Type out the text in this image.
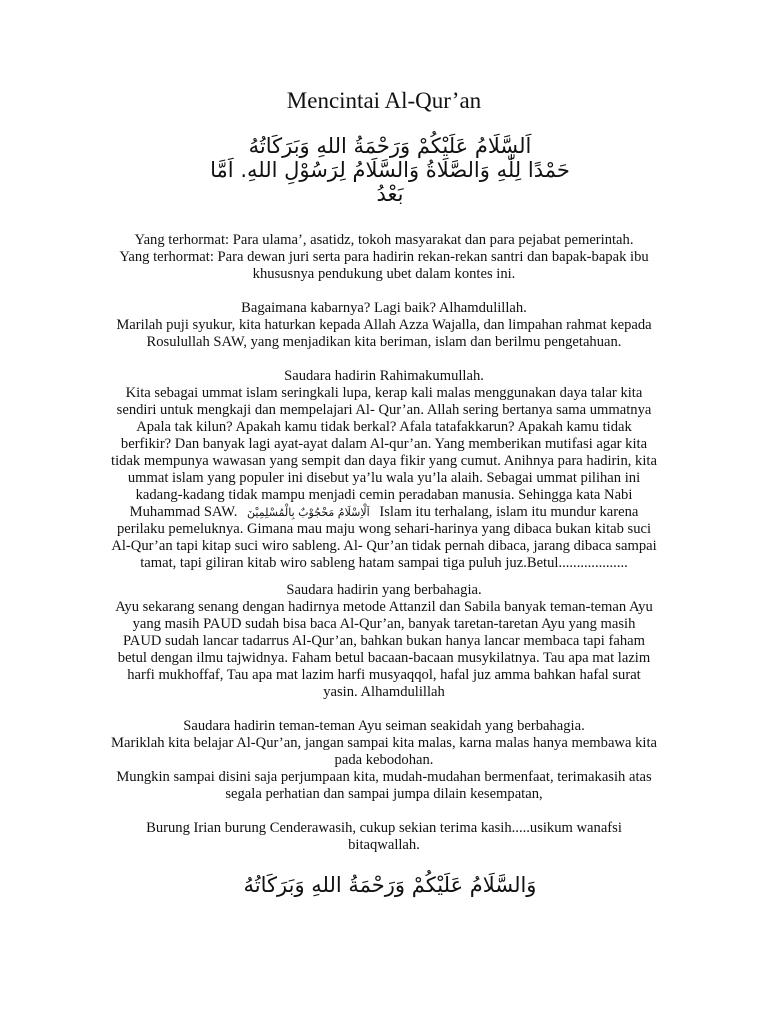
Mencintai Al-Qur’an
اَلسَّلَامُ عَلَيْكُمْ وَرَحْمَةُ اللهِ وَبَرَكَاتُهُ
حَمْدًا لِلّٰهِ وَالصَّلَاةُ وَالسَّلَامُ لِرَسُوْلِ اللهِ. اَمَّا
بَعْدُ
Yang terhormat: Para ulama’, asatidz, tokoh masyarakat dan para pejabat pemerintah.
Yang terhormat: Para dewan juri serta para hadirin rekan-rekan santri dan bapak-bapak ibu
khususnya pendukung ubet dalam kontes ini.
Bagaimana kabarnya? Lagi baik? Alhamdulillah.
Marilah puji syukur, kita haturkan kepada Allah Azza Wajalla, dan limpahan rahmat kepada
Rosulullah SAW, yang menjadikan kita beriman, islam dan berilmu pengetahuan.
Saudara hadirin Rahimakumullah.
Kita sebagai ummat islam seringkali lupa, kerap kali malas menggunakan daya talar kita
sendiri untuk mengkaji dan mempelajari Al- Qur’an. Allah sering bertanya sama ummatnya
Apala tak kilun? Apakah kamu tidak berkal? Afala tatafakkarun? Apakah kamu tidak
berfikir? Dan banyak lagi ayat-ayat dalam Al-qur’an. Yang memberikan mutifasi agar kita
tidak mempunya wawasan yang sempit dan daya fikir yang cumut. Anihnya para hadirin, kita
ummat islam yang populer ini disebut ya’lu wala yu’la alaih. Sebagai ummat pilihan ini
kadang-kadang tidak mampu menjadi cemin peradaban manusia. Sehingga kata Nabi
Muhammad SAW. اَلْاِسْلَامُ مَحْجُوْبٌ بِالْمُسْلِمِيْنَ Islam itu terhalang, islam itu mundur karena
perilaku pemeluknya. Gimana mau maju wong sehari-harinya yang dibaca bukan kitab suci
Al-Qur’an tapi kitap suci wiro sableng. Al- Qur’an tidak pernah dibaca, jarang dibaca sampai
tamat, tapi giliran kitab wiro sableng hatam sampai tiga puluh juz.Betul...................
Saudara hadirin yang berbahagia.
Ayu sekarang senang dengan hadirnya metode Attanzil dan Sabila banyak teman-teman Ayu
yang masih PAUD sudah bisa baca Al-Qur’an, banyak taretan-taretan Ayu yang masih
PAUD sudah lancar tadarrus Al-Qur’an, bahkan bukan hanya lancar membaca tapi faham
betul dengan ilmu tajwidnya. Faham betul bacaan-bacaan musykilatnya. Tau apa mat lazim
harfi mukhoffaf, Tau apa mat lazim harfi musyaqqol, hafal juz amma bahkan hafal surat
yasin. Alhamdulillah
Saudara hadirin teman-teman Ayu seiman seakidah yang berbahagia.
Mariklah kita belajar Al-Qur’an, jangan sampai kita malas, karna malas hanya membawa kita
pada kebodohan.
Mungkin sampai disini saja perjumpaan kita, mudah-mudahan bermenfaat, terimakasih atas
segala perhatian dan sampai jumpa dilain kesempatan,
Burung Irian burung Cenderawasih, cukup sekian terima kasih.....usikum wanafsi
bitaqwallah.
وَالسَّلَامُ عَلَيْكُمْ وَرَحْمَةُ اللهِ وَبَرَكَاتُهُ
